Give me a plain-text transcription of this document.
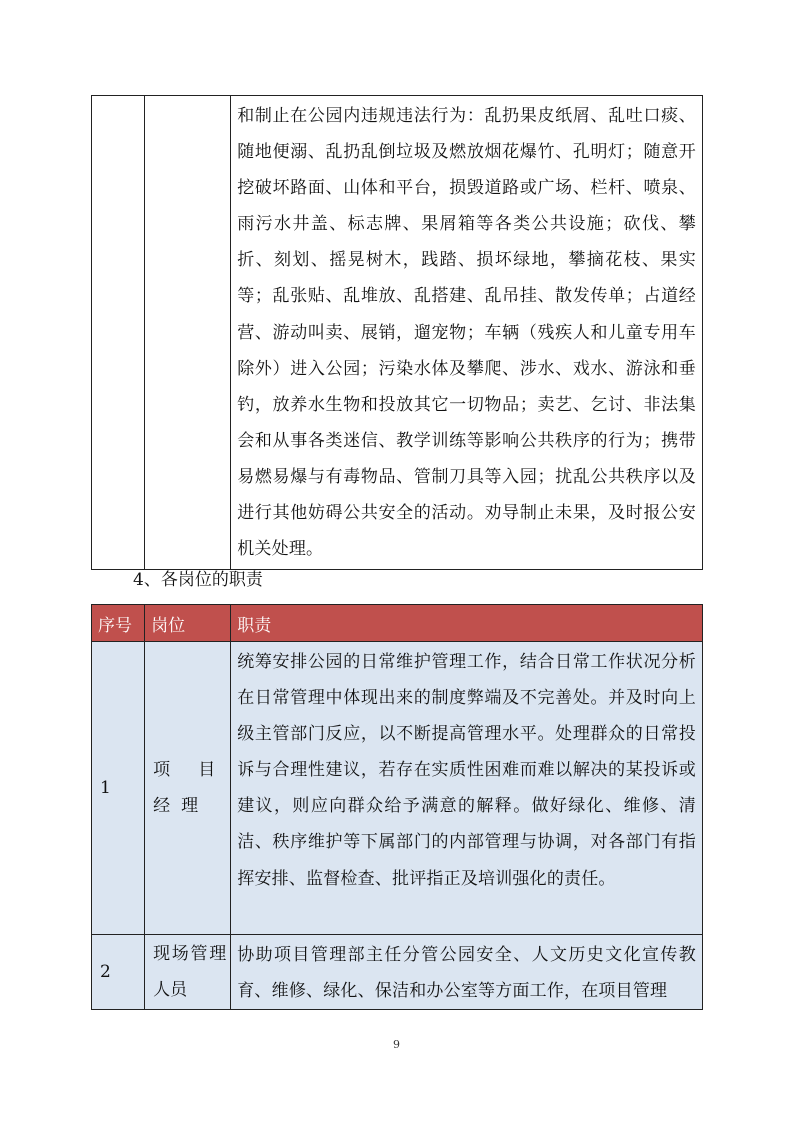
		和制止在公园内违规违法行为：乱扔果皮纸屑、乱吐口痰、随地便溺、乱扔乱倒垃圾及燃放烟花爆竹、孔明灯；随意开挖破坏路面、山体和平台，损毁道路或广场、栏杆、喷泉、雨污水井盖、标志牌、果屑箱等各类公共设施；砍伐、攀折、刻划、摇晃树木，践踏、损坏绿地，攀摘花枝、果实等；乱张贴、乱堆放、乱搭建、乱吊挂、散发传单；占道经营、游动叫卖、展销，遛宠物；车辆（残疾人和儿童专用车除外）进入公园；污染水体及攀爬、涉水、戏水、游泳和垂钓，放养水生物和投放其它一切物品；卖艺、乞讨、非法集会和从事各类迷信、教学训练等影响公共秩序的行为；携带易燃易爆与有毒物品、管制刀具等入园；扰乱公共秩序以及进行其他妨碍公共安全的活动。劝导制止未果，及时报公安机关处理。
4、各岗位的职责
序号	岗位	职责
1	项目经理	统筹安排公园的日常维护管理工作，结合日常工作状况分析在日常管理中体现出来的制度弊端及不完善处。并及时向上级主管部门反应，以不断提高管理水平。处理群众的日常投诉与合理性建议，若存在实质性困难而难以解决的某投诉或建议，则应向群众给予满意的解释。做好绿化、维修、清洁、秩序维护等下属部门的内部管理与协调，对各部门有指挥安排、监督检查、批评指正及培训强化的责任。
2	现场管理人员	协助项目管理部主任分管公园安全、人文历史文化宣传教育、维修、绿化、保洁和办公室等方面工作，在项目管理
9
